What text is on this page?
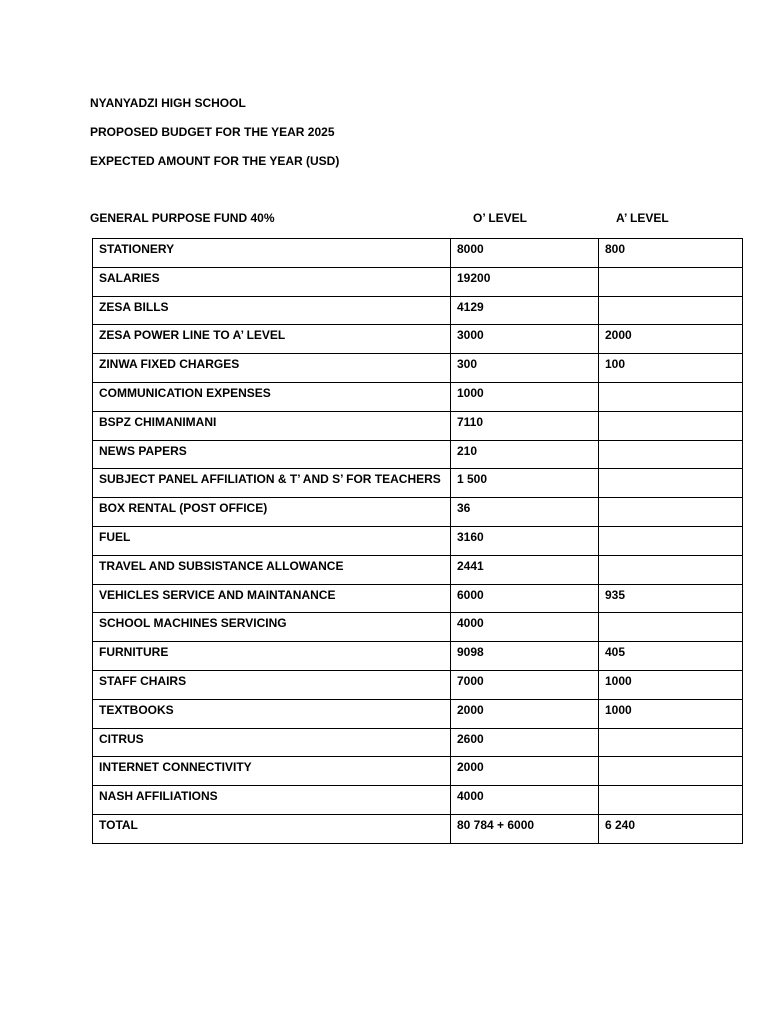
NYANYADZI HIGH SCHOOL
PROPOSED BUDGET FOR THE YEAR 2025
EXPECTED AMOUNT FOR THE YEAR (USD)
GENERAL PURPOSE FUND 40%	O’ LEVEL	A’ LEVEL
STATIONERY	8000	800
SALARIES	19200	
ZESA BILLS	4129	
ZESA POWER LINE TO A’ LEVEL	3000	2000
ZINWA FIXED CHARGES	300	100
COMMUNICATION EXPENSES	1000	
BSPZ CHIMANIMANI	7110	
NEWS PAPERS	210	
SUBJECT PANEL AFFILIATION & T’ AND S’ FOR TEACHERS	1 500	
BOX RENTAL (POST OFFICE)	36	
FUEL	3160	
TRAVEL AND SUBSISTANCE ALLOWANCE	2441	
VEHICLES SERVICE AND MAINTANANCE	6000	935
SCHOOL MACHINES SERVICING	4000	
FURNITURE	9098	405
STAFF CHAIRS	7000	1000
TEXTBOOKS	2000	1000
CITRUS	2600	
INTERNET CONNECTIVITY	2000	
NASH AFFILIATIONS	4000	
TOTAL	80 784 + 6000	6 240
